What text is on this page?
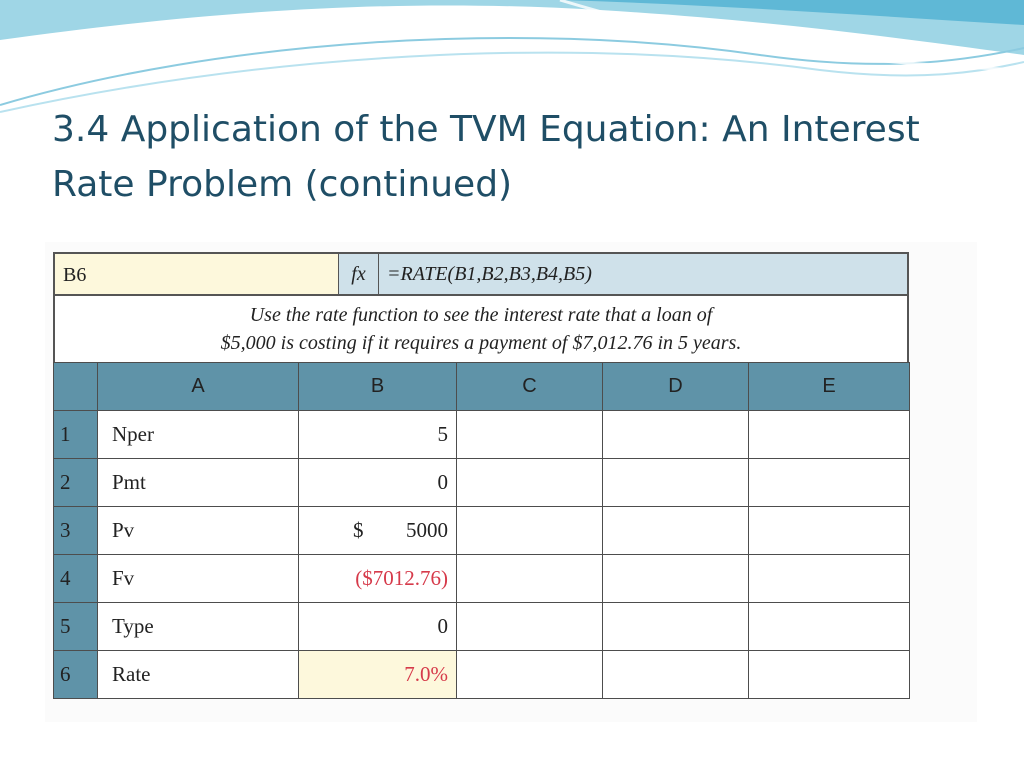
3.4 Application of the TVM Equation: An Interest Rate Problem (continued)
B6	fx	=RATE(B1,B2,B3,B4,B5)
Use the rate function to see the interest rate that a loan of
$5,000 is costing if it requires a payment of $7,012.76 in 5 years.
	A	B	C	D	E
1	Nper	5			
2	Pmt	0			
3	Pv	$ 5000			
4	Fv	($7012.76)			
5	Type	0			
6	Rate	7.0%			
